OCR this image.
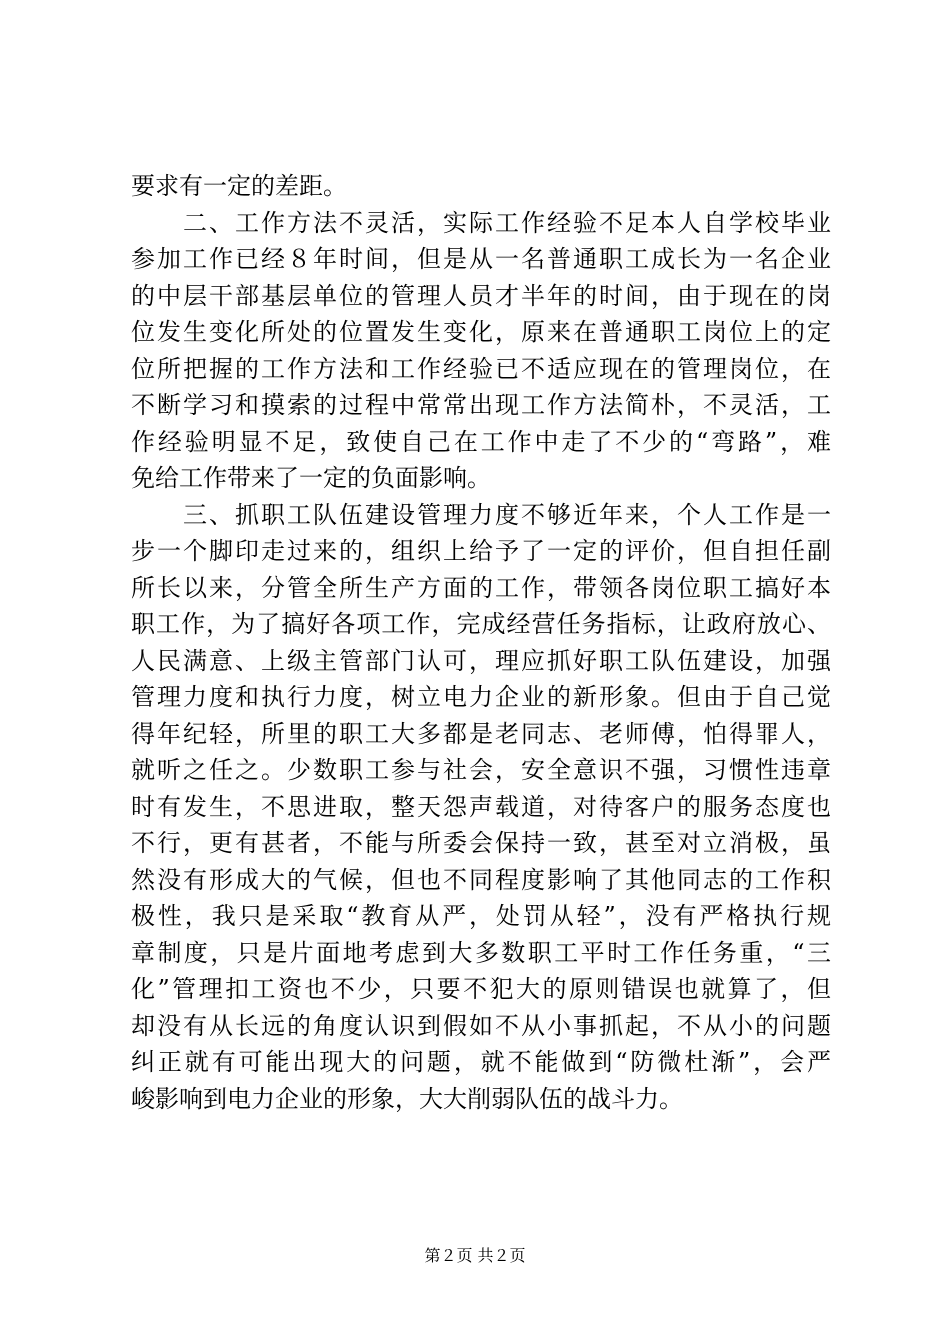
要求有一定的差距。
　　二、工作方法不灵活，实际工作经验不足本人自学校毕业
参加工作已经８年时间，但是从一名普通职工成长为一名企业
的中层干部基层单位的管理人员才半年的时间，由于现在的岗
位发生变化所处的位置发生变化，原来在普通职工岗位上的定
位所把握的工作方法和工作经验已不适应现在的管理岗位，在
不断学习和摸索的过程中常常出现工作方法简朴，不灵活，工
作经验明显不足，致使自己在工作中走了不少的“弯路”，难
免给工作带来了一定的负面影响。
　　三、抓职工队伍建设管理力度不够近年来，个人工作是一
步一个脚印走过来的，组织上给予了一定的评价，但自担任副
所长以来，分管全所生产方面的工作，带领各岗位职工搞好本
职工作，为了搞好各项工作，完成经营任务指标，让政府放心、
人民满意、上级主管部门认可，理应抓好职工队伍建设，加强
管理力度和执行力度，树立电力企业的新形象。但由于自己觉
得年纪轻，所里的职工大多都是老同志、老师傅，怕得罪人，
就听之任之。少数职工参与社会，安全意识不强，习惯性违章
时有发生，不思进取，整天怨声载道，对待客户的服务态度也
不行，更有甚者，不能与所委会保持一致，甚至对立消极，虽
然没有形成大的气候，但也不同程度影响了其他同志的工作积
极性，我只是采取“教育从严，处罚从轻”，没有严格执行规
章制度，只是片面地考虑到大多数职工平时工作任务重，“三
化”管理扣工资也不少，只要不犯大的原则错误也就算了，但
却没有从长远的角度认识到假如不从小事抓起，不从小的问题
纠正就有可能出现大的问题，就不能做到“防微杜渐”，会严
峻影响到电力企业的形象，大大削弱队伍的战斗力。
第２页 共２页
